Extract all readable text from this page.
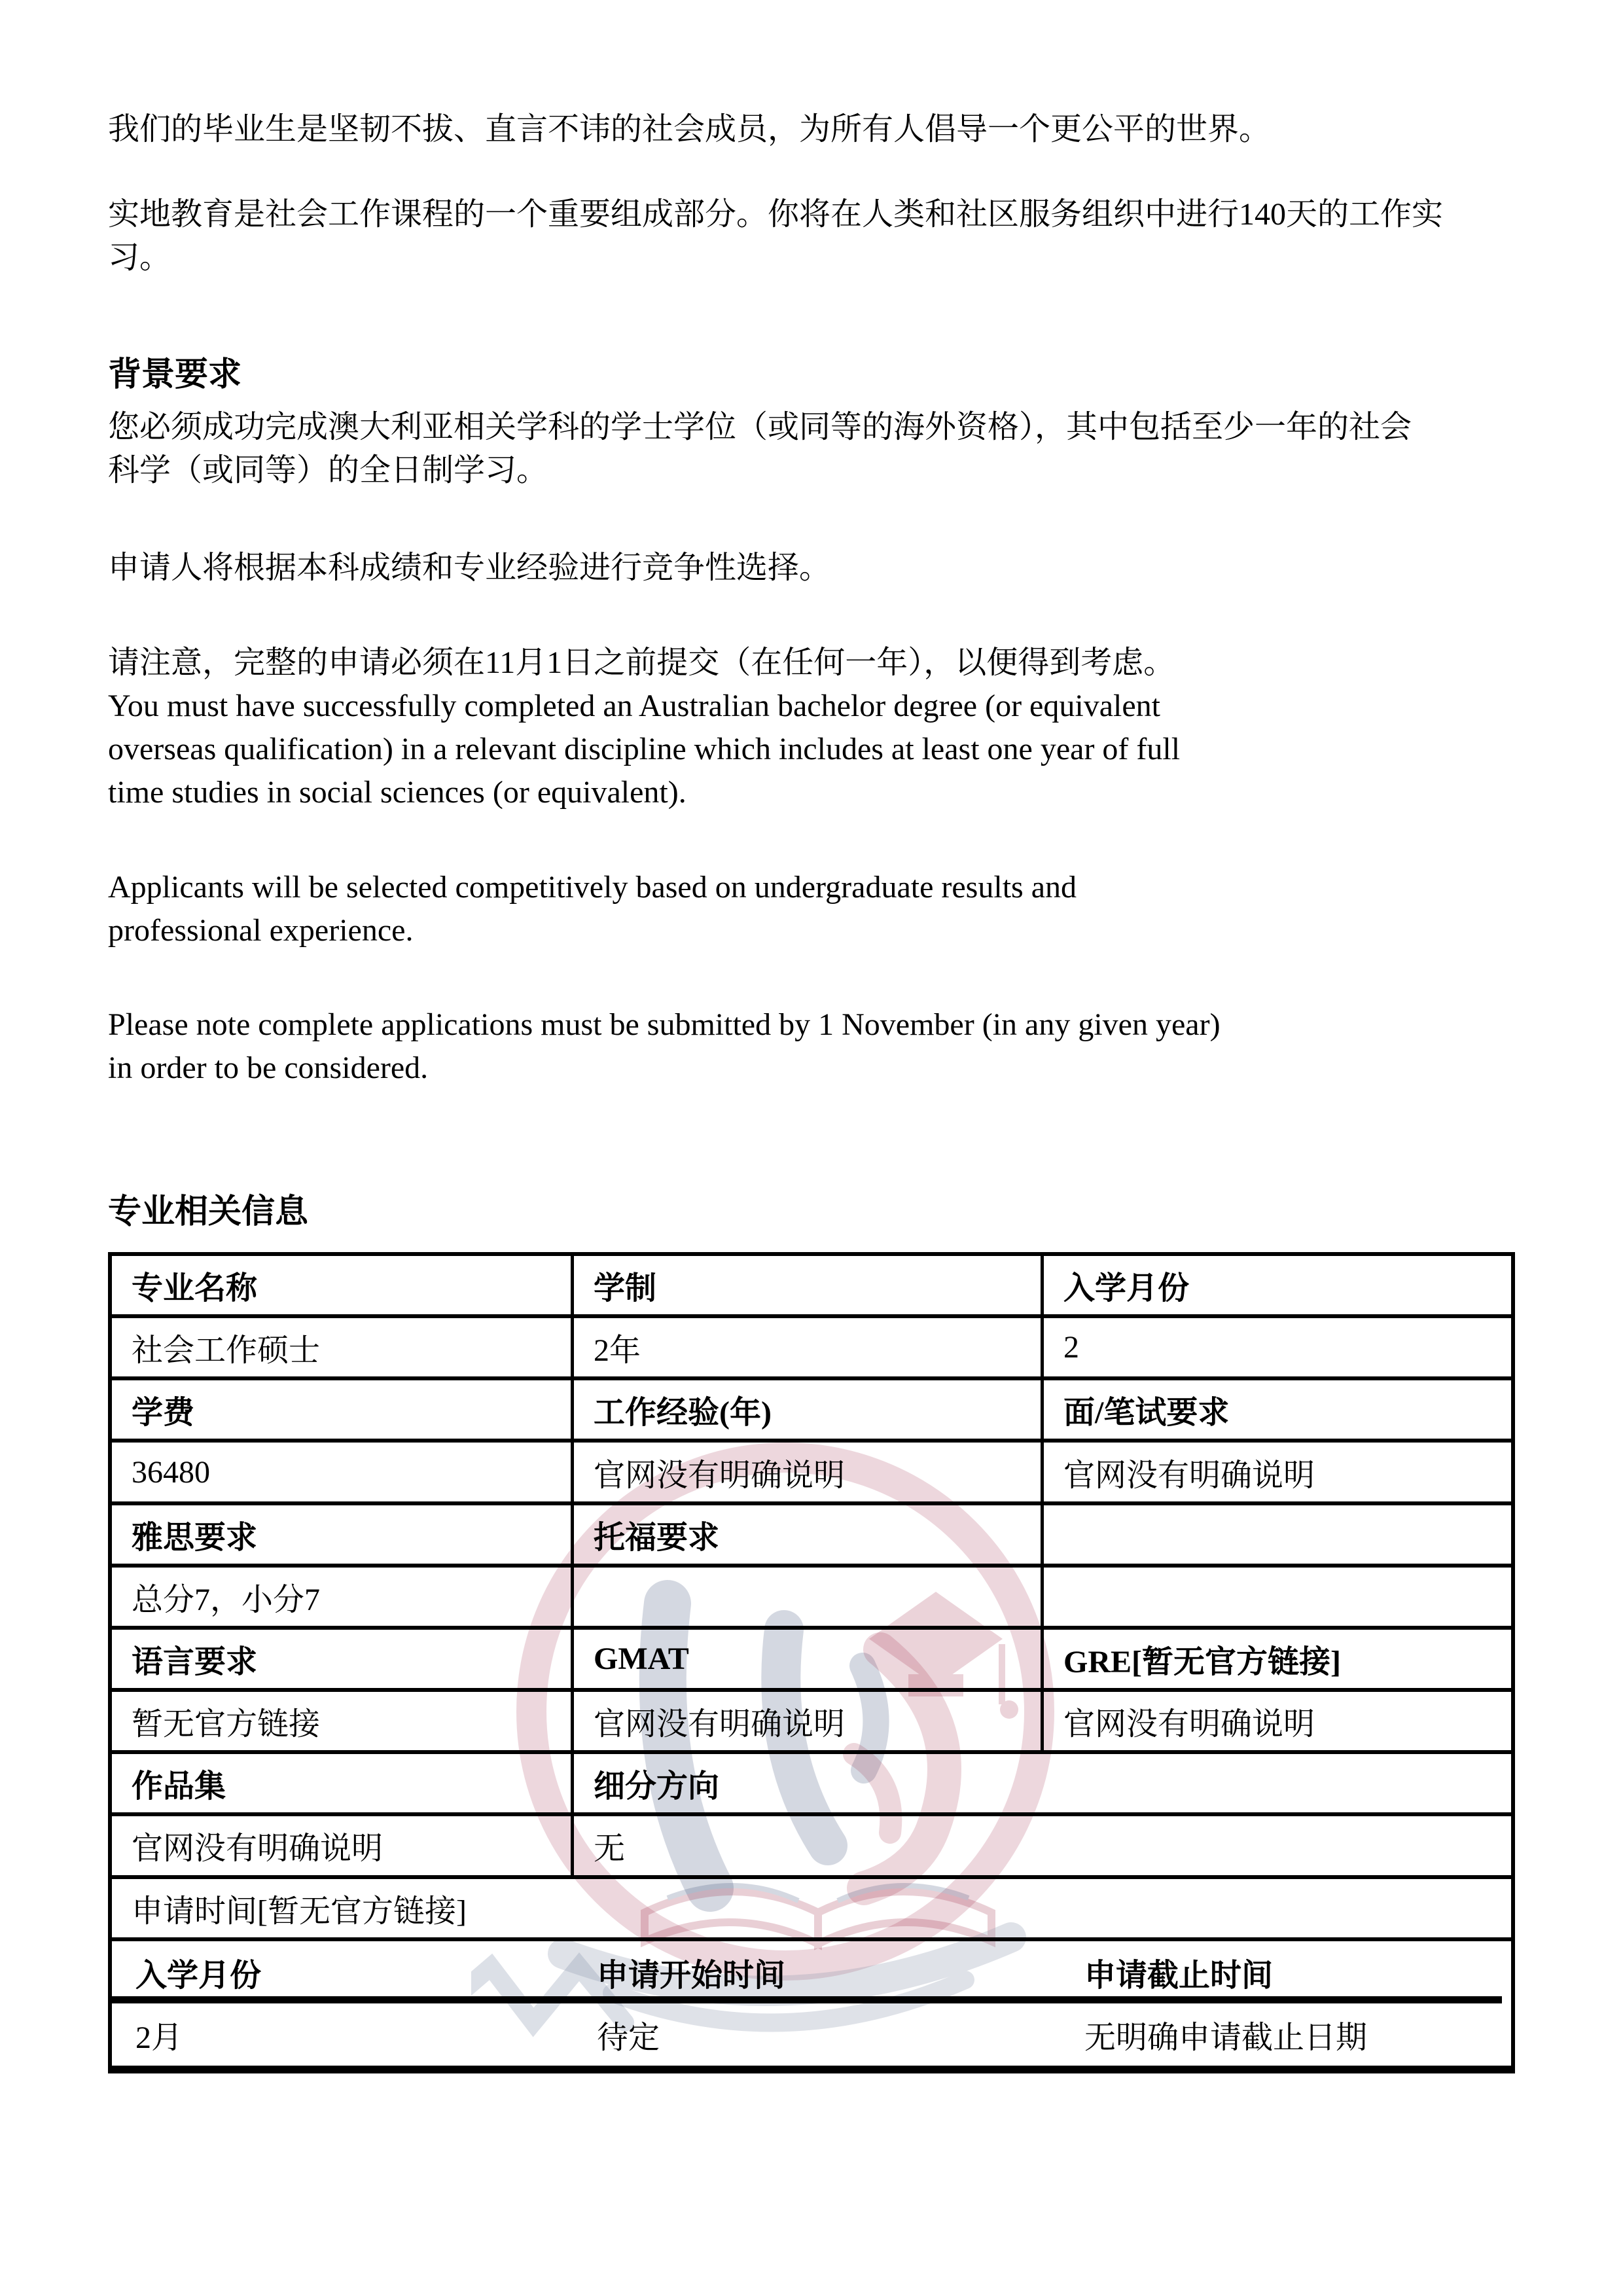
我们的毕业生是坚韧不拔、直言不讳的社会成员，为所有人倡导一个更公平的世界。
实地教育是社会工作课程的一个重要组成部分。你将在人类和社区服务组织中进行140天的工作实
习。
背景要求
您必须成功完成澳大利亚相关学科的学士学位（或同等的海外资格），其中包括至少一年的社会
科学（或同等）的全日制学习。
申请人将根据本科成绩和专业经验进行竞争性选择。
请注意，完整的申请必须在11月1日之前提交（在任何一年），以便得到考虑。
You must have successfully completed an Australian bachelor degree (or equivalent
overseas qualification) in a relevant discipline which includes at least one year of full
time studies in social sciences (or equivalent).
Applicants will be selected competitively based on undergraduate results and
professional experience.
Please note complete applications must be submitted by 1 November (in any given year)
in order to be considered.
专业相关信息
专业名称	学制	入学月份
社会工作硕士	2年	2
学费	工作经验(年)	面/笔试要求
36480	官网没有明确说明	官网没有明确说明
雅思要求	托福要求
总分7，小分7
语言要求	GMAT	GRE[暂无官方链接]
暂无官方链接	官网没有明确说明	官网没有明确说明
作品集	细分方向
官网没有明确说明	无
申请时间[暂无官方链接]
入学月份	申请开始时间	申请截止时间
2月	待定	无明确申请截止日期
